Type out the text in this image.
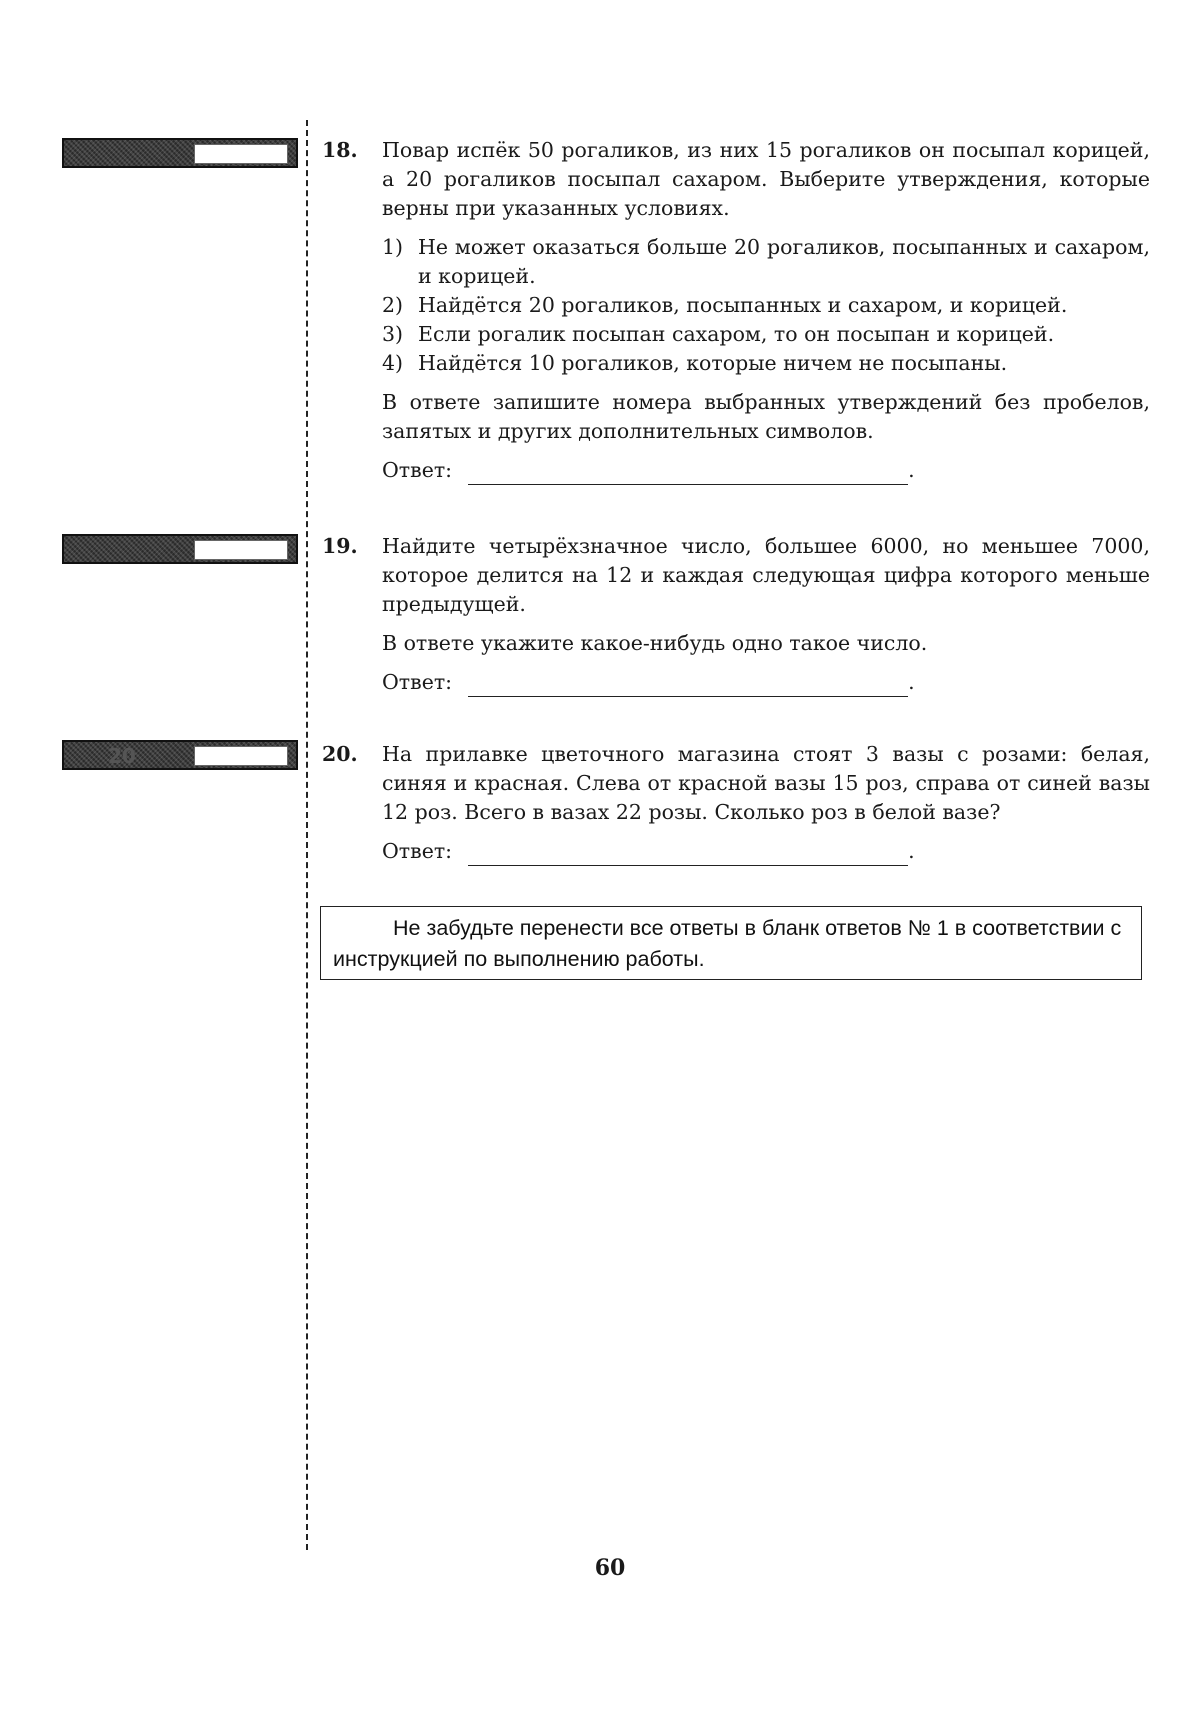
18. Повар испёк 50 рогаликов, из них 15 рогаликов он посыпал корицей, а 20 рогаликов посыпал сахаром. Выберите утверждения, которые верны при указанных условиях.

1) Не может оказаться больше 20 рогаликов, посыпанных и сахаром, и корицей.
2) Найдётся 20 рогаликов, посыпанных и сахаром, и корицей.
3) Если рогалик посыпан сахаром, то он посыпан и корицей.
4) Найдётся 10 рогаликов, которые ничем не посыпаны.

В ответе запишите номера выбранных утверждений без пробелов, запятых и других дополнительных символов.

Ответ:	.
19. Найдите четырёхзначное число, большее 6000, но меньшее 7000, которое делится на 12 и каждая следующая цифра которого меньше предыдущей.

В ответе укажите какое-нибудь одно такое число.

Ответ:	.
20	20. На прилавке цветочного магазина стоят 3 вазы с розами: белая, синяя и красная. Слева от красной вазы 15 роз, справа от синей вазы 12 роз. Всего в вазах 22 розы. Сколько роз в белой вазе?

Ответ:	.
Не забудьте перенести все ответы в бланк ответов № 1 в соответствии с инструкцией по выполнению работы.
60
